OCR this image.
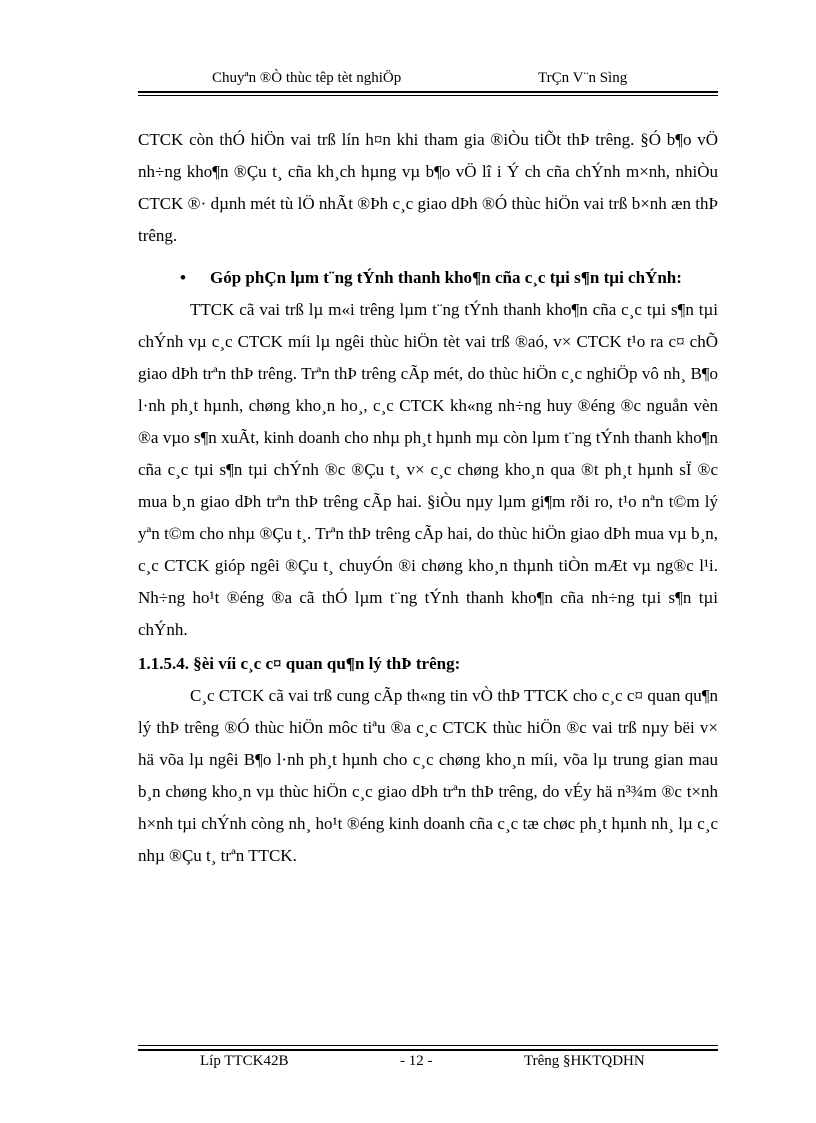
Chuyªn ®Ò thùc têp tèt nghiÖp	TrÇn V¨n Sìng

CTCK còn thÓ hiÖn vai trß lín h¤n khi tham gia ®iÒu tiÕt thÞ trêng. §Ó b¶o vÖ nh÷ng kho¶n ®Çu t¸ cña kh¸ch hµng vµ b¶o vÖ lî i Ý ch cña chÝnh m×nh, nhiÒu CTCK ®· dµnh mét tù lÖ nhÃt ®Þh c¸c giao dÞh ®Ó thùc hiÖn vai trß b×nh æn thÞ trêng.

• Góp phÇn lµm t¨ng tÝnh thanh kho¶n cña c¸c tµi s¶n tµi chÝnh:

TTCK cã vai trß lµ m«i trêng lµm t¨ng tÝnh thanh kho¶n cña c¸c tµi s¶n tµi chÝnh vµ c¸c CTCK míi lµ ngêi thùc hiÖn tèt vai trß ®aó, v× CTCK t¹o ra c¤ chÕ giao dÞh trªn thÞ trêng. Trªn thÞ trêng cÃp mét, do thùc hiÖn c¸c nghiÖp vô nh¸ B¶o l·nh ph¸t hµnh, chøng kho¸n ho¸, c¸c CTCK kh«ng nh÷ng huy ®éng ®c nguån vèn ®a vµo s¶n xuÃt, kinh doanh cho nhµ ph¸t hµnh mµ còn lµm t¨ng tÝnh thanh kho¶n cña c¸c tµi s¶n tµi chÝnh ®c ®Çu t¸ v× c¸c chøng kho¸n qua ®t ph¸t hµnh sÏ ®c mua b¸n giao dÞh trªn thÞ trêng cÃp hai. §iÒu nµy lµm gi¶m rði ro, t¹o nªn t©m lý yªn t©m cho nhµ ®Çu t¸. Trªn thÞ trêng cÃp hai, do thùc hiÖn giao dÞh mua vµ b¸n, c¸c CTCK gióp ngêi ®Çu t¸ chuyÓn ®i chøng kho¸n thµnh tiÒn mÆt vµ ng®c l¹i. Nh÷ng ho¹t ®éng ®a cã thÓ lµm t¨ng tÝnh thanh kho¶n cña nh÷ng tµi s¶n tµi chÝnh.

1.1.5.4. §èi víi c¸c c¤ quan qu¶n lý thÞ trêng:

C¸c CTCK cã vai trß cung cÃp th«ng tin vÒ thÞ TTCK cho c¸c c¤ quan qu¶n lý thÞ trêng ®Ó thùc hiÖn môc tiªu ®a c¸c CTCK thùc hiÖn ®c vai trß nµy bëi v× hä võa lµ ngêi B¶o l·nh ph¸t hµnh cho c¸c chøng kho¸n míi, võa lµ trung gian mau b¸n chøng kho¸n vµ thùc hiÖn c¸c giao dÞh trªn thÞ trêng, do vÉy hä n³¾m ®c t×nh h×nh tµi chÝnh còng nh¸ ho¹t ®éng kinh doanh cña c¸c tæ chøc ph¸t hµnh nh¸ lµ c¸c nhµ ®Çu t¸ trªn TTCK.

Líp TTCK42B	- 12 -	Trêng §HKTQDHN
